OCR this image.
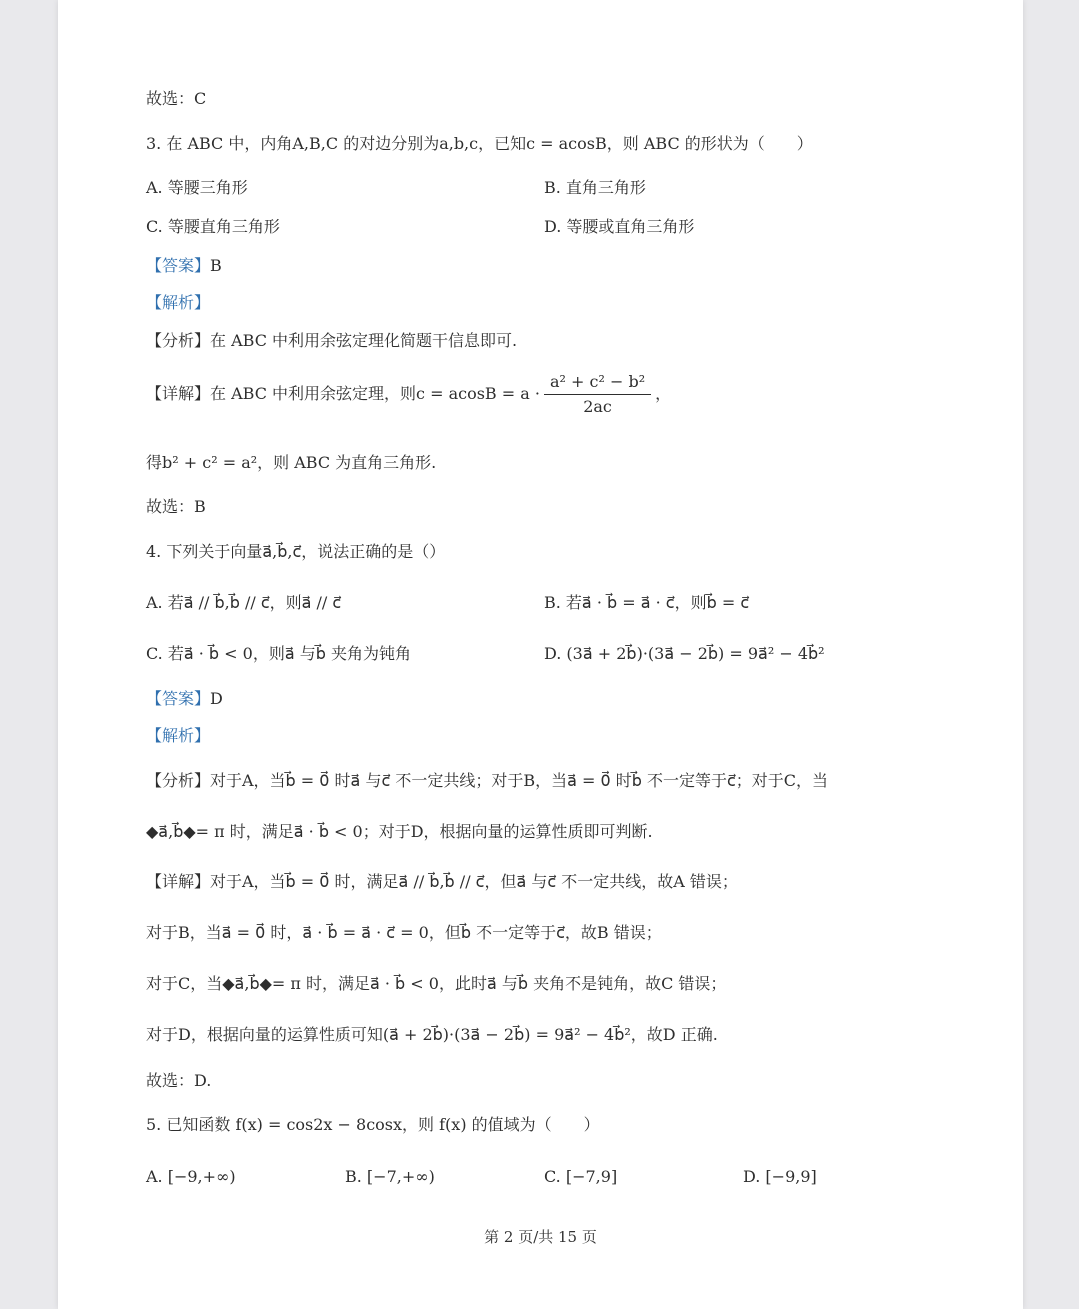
故选：C
3. 在 ABC 中，内角A,B,C 的对边分别为a,b,c，已知c = acosB，则 ABC 的形状为（　　）
A. 等腰三角形	B. 直角三角形
C. 等腰直角三角形	D. 等腰或直角三角形
【答案】B
【解析】
【分析】在 ABC 中利用余弦定理化简题干信息即可.
【详解】在 ABC 中利用余弦定理，则$c = acosB = a \cdot \frac{\text{a² + c² − b²}}{2ac}$ ，
得b² + c² = a²，则 ABC 为直角三角形.
故选：B
4. 下列关于向量a⃗,b⃗,c⃗，说法正确的是（）
A. 若a⃗ // b⃗,b⃗ // c⃗，则a⃗ // c⃗	B. 若a⃗ · b⃗ = a⃗ · c⃗，则b⃗ = c⃗
C. 若a⃗ · b⃗ < 0，则a⃗ 与b⃗ 夹角为钝角	D. (3a⃗ + 2b⃗)·(3a⃗ − 2b⃗) = 9a⃗² − 4b⃗²
【答案】D
【解析】
【分析】对于A，当b⃗ = 0⃗ 时a⃗ 与c⃗ 不一定共线；对于B，当a⃗ = 0⃗ 时b⃗ 不一定等于c⃗；对于C，当
◆a⃗,b⃗◆= π 时，满足a⃗ · b⃗ < 0；对于D，根据向量的运算性质即可判断.
【详解】对于A，当b⃗ = 0⃗ 时，满足a⃗ // b⃗,b⃗ // c⃗，但a⃗ 与c⃗ 不一定共线，故A 错误；
对于B，当a⃗ = 0⃗ 时，a⃗ · b⃗ = a⃗ · c⃗ = 0，但b⃗ 不一定等于c⃗，故B 错误；
对于C，当◆a⃗,b⃗◆= π 时，满足a⃗ · b⃗ < 0，此时a⃗ 与b⃗ 夹角不是钝角，故C 错误；
对于D，根据向量的运算性质可知(a⃗ + 2b⃗)·(3a⃗ − 2b⃗) = 9a⃗² − 4b⃗²，故D 正确.
故选：D.
5. 已知函数 f(x) = cos2x − 8cosx，则 f(x) 的值域为（　　）
A. [−9,+∞)	B. [−7,+∞)	C. [−7,9]	D. [−9,9]
第 2 页/共 15 页
